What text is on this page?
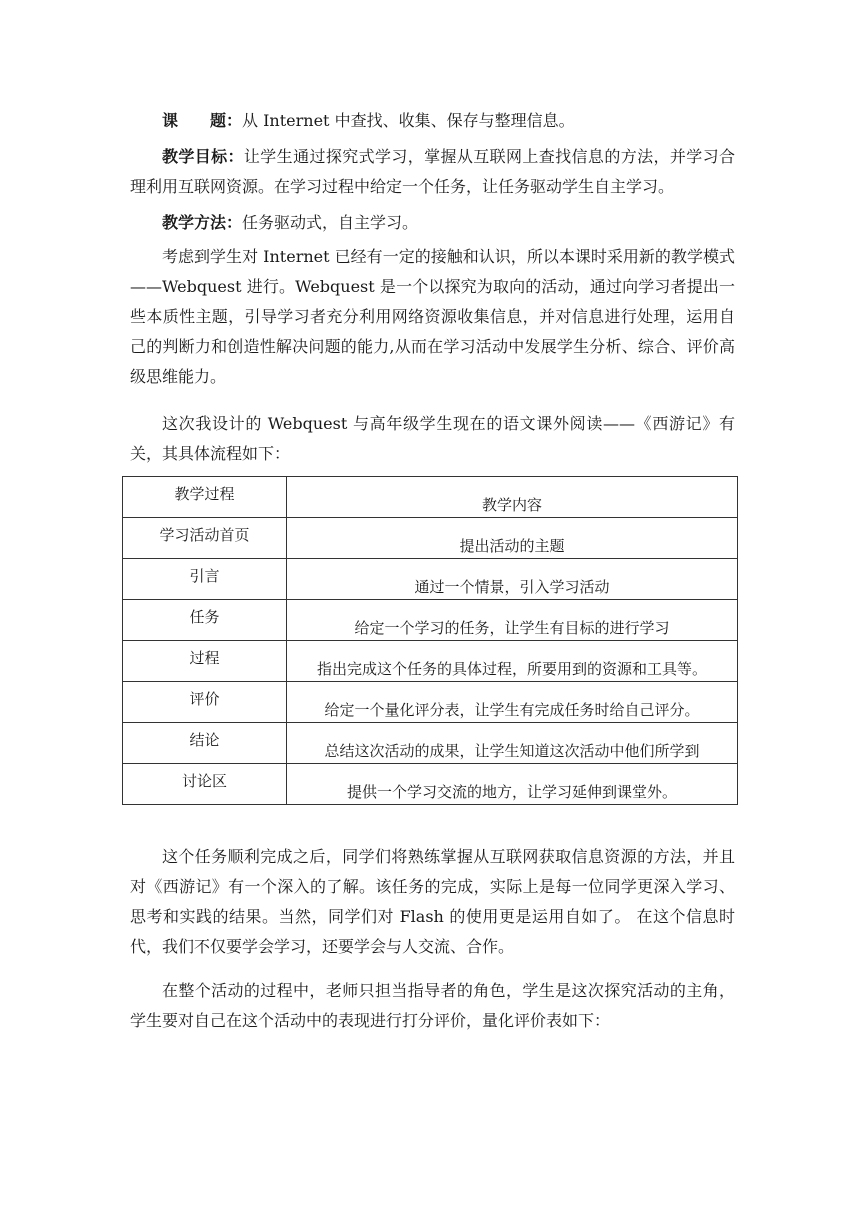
课　　题：从 Internet 中查找、收集、保存与整理信息。

教学目标：让学生通过探究式学习，掌握从互联网上查找信息的方法，并学习合理利用互联网资源。在学习过程中给定一个任务，让任务驱动学生自主学习。

教学方法：任务驱动式，自主学习。

考虑到学生对 Internet 已经有一定的接触和认识，所以本课时采用新的教学模式——Webquest 进行。Webquest 是一个以探究为取向的活动，通过向学习者提出一些本质性主题，引导学习者充分利用网络资源收集信息，并对信息进行处理，运用自己的判断力和创造性解决问题的能力,从而在学习活动中发展学生分析、综合、评价高级思维能力。

这次我设计的 Webquest 与高年级学生现在的语文课外阅读——《西游记》有关，其具体流程如下：

教学过程	教学内容

学习活动首页	提出活动的主题

引言	通过一个情景，引入学习活动

任务	给定一个学习的任务，让学生有目标的进行学习

过程	指出完成这个任务的具体过程，所要用到的资源和工具等。

评价	给定一个量化评分表，让学生有完成任务时给自己评分。

结论	总结这次活动的成果，让学生知道这次活动中他们所学到

讨论区	提供一个学习交流的地方，让学习延伸到课堂外。

这个任务顺利完成之后，同学们将熟练掌握从互联网获取信息资源的方法，并且对《西游记》有一个深入的了解。该任务的完成，实际上是每一位同学更深入学习、思考和实践的结果。当然，同学们对 Flash 的使用更是运用自如了。 在这个信息时代，我们不仅要学会学习，还要学会与人交流、合作。

在整个活动的过程中，老师只担当指导者的角色，学生是这次探究活动的主角，学生要对自己在这个活动中的表现进行打分评价，量化评价表如下：
